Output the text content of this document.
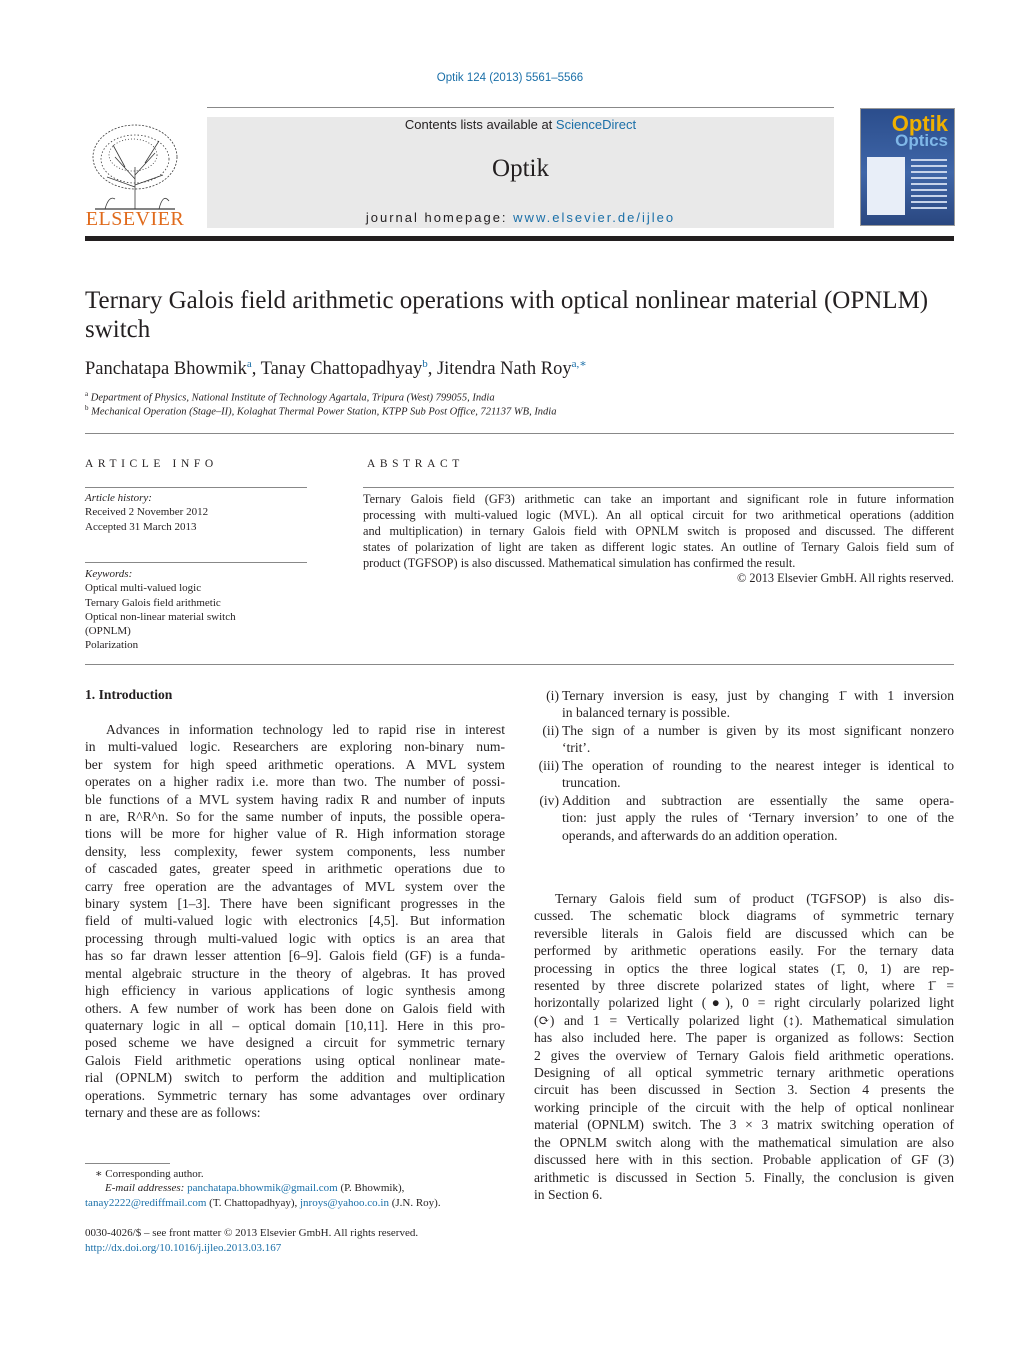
Optik 124 (2013) 5561–5566
ELSEVIER
Contents lists available at ScienceDirect
Optik
journal homepage: www.elsevier.de/ijleo
Optik
Optics
Ternary Galois field arithmetic operations with optical nonlinear material (OPNLM) switch
Panchatapa Bhowmik$^a$, Tanay Chattopadhyay$^b$, Jitendra Nath Roy$^{a,∗}$
$^a$ Department of Physics, National Institute of Technology Agartala, Tripura (West) 799055, India
$^b$ Mechanical Operation (Stage–II), Kolaghat Thermal Power Station, KTPP Sub Post Office, 721137 WB, India
ARTICLE INFO
Article history:
Received 2 November 2012
Accepted 31 March 2013
Keywords:
Optical multi-valued logic
Ternary Galois field arithmetic
Optical non-linear material switch
(OPNLM)
Polarization
ABSTRACT
Ternary Galois field (GF3) arithmetic can take an important and significant role in future information
processing with multi-valued logic (MVL). An all optical circuit for two arithmetical operations (addition
and multiplication) in ternary Galois field with OPNLM switch is proposed and discussed. The different
states of polarization of light are taken as different logic states. An outline of Ternary Galois field sum of
product (TGFSOP) is also discussed. Mathematical simulation has confirmed the result.
© 2013 Elsevier GmbH. All rights reserved.
1. Introduction
Advances in information technology led to rapid rise in interest
in multi-valued logic. Researchers are exploring non-binary num-
ber system for high speed arithmetic operations. A MVL system
operates on a higher radix i.e. more than two. The number of possi-
ble functions of a MVL system having radix R and number of inputs
n are, R^R^n. So for the same number of inputs, the possible opera-
tions will be more for higher value of R. High information storage
density, less complexity, fewer system components, less number
of cascaded gates, greater speed in arithmetic operations due to
carry free operation are the advantages of MVL system over the
binary system [1–3]. There have been significant progresses in the
field of multi-valued logic with electronics [4,5]. But information
processing through multi-valued logic with optics is an area that
has so far drawn lesser attention [6–9]. Galois field (GF) is a funda-
mental algebraic structure in the theory of algebras. It has proved
high efficiency in various applications of logic synthesis among
others. A few number of work has been done on Galois field with
quaternary logic in all – optical domain [10,11]. Here in this pro-
posed scheme we have designed a circuit for symmetric ternary
Galois Field arithmetic operations using optical nonlinear mate-
rial (OPNLM) switch to perform the addition and multiplication
operations. Symmetric ternary has some advantages over ordinary
ternary and these are as follows:
(i) Ternary inversion is easy, just by changing 1̄ with 1 inversion
in balanced ternary is possible.
(ii) The sign of a number is given by its most significant nonzero
‘trit’.
(iii) The operation of rounding to the nearest integer is identical to
truncation.
(iv) Addition and subtraction are essentially the same opera-
tion: just apply the rules of ‘Ternary inversion’ to one of the
operands, and afterwards do an addition operation.
Ternary Galois field sum of product (TGFSOP) is also dis-
cussed. The schematic block diagrams of symmetric ternary
reversible literals in Galois field are discussed which can be
performed by arithmetic operations easily. For the ternary data
processing in optics the three logical states (1̄, 0, 1) are rep-
resented by three discrete polarized states of light, where 1̄ =
horizontally polarized light (●), 0 = right circularly polarized light
(⟳) and 1 = Vertically polarized light (↕). Mathematical simulation
has also included here. The paper is organized as follows: Section
2 gives the overview of Ternary Galois field arithmetic operations.
Designing of all optical symmetric ternary arithmetic operations
circuit has been discussed in Section 3. Section 4 presents the
working principle of the circuit with the help of optical nonlinear
material (OPNLM) switch. The 3 × 3 matrix switching operation of
the OPNLM switch along with the mathematical simulation are also
discussed here with in this section. Probable application of GF (3)
arithmetic is discussed in Section 5. Finally, the conclusion is given
in Section 6.
∗ Corresponding author.
E-mail addresses: panchatapa.bhowmik@gmail.com (P. Bhowmik),
tanay2222@rediffmail.com (T. Chattopadhyay), jnroys@yahoo.co.in (J.N. Roy).
0030-4026/$ – see front matter © 2013 Elsevier GmbH. All rights reserved.
http://dx.doi.org/10.1016/j.ijleo.2013.03.167
